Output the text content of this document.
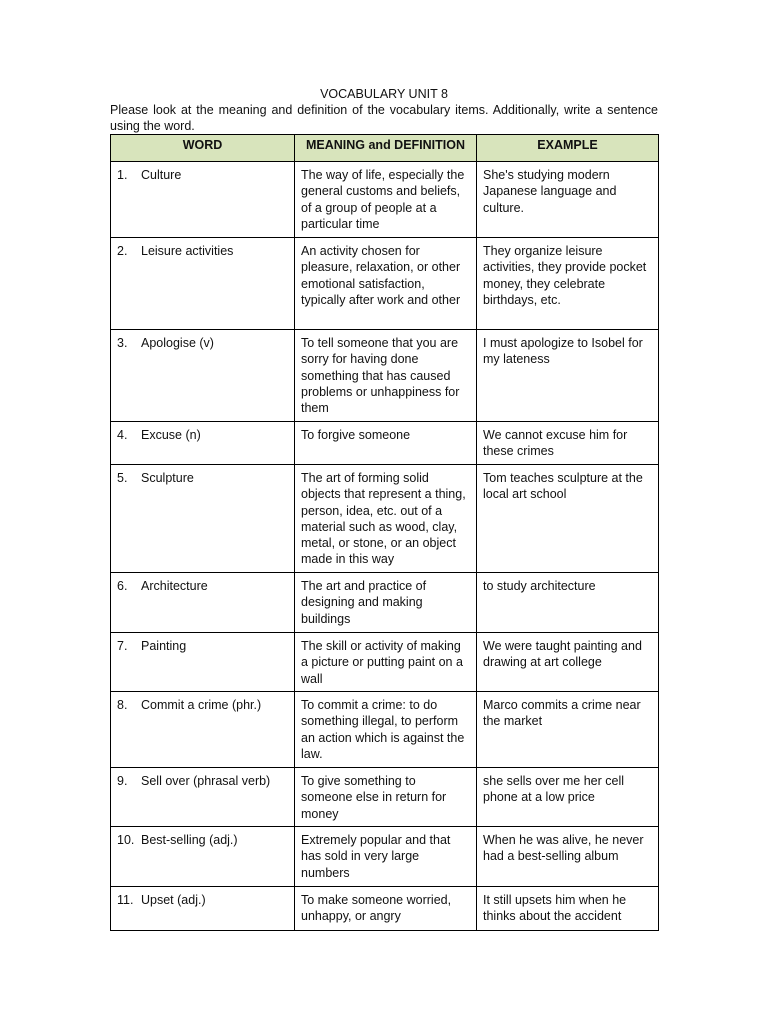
VOCABULARY UNIT 8

Please look at the meaning and definition of the vocabulary items. Additionally, write a sentence using the word.

WORD	MEANING and DEFINITION	EXAMPLE
1. Culture	The way of life, especially the general customs and beliefs, of a group of people at a particular time	She's studying modern Japanese language and culture.
2. Leisure activities	An activity chosen for pleasure, relaxation, or other emotional satisfaction, typically after work and other	They organize leisure activities, they provide pocket money, they celebrate birthdays, etc.
3. Apologise (v)	To tell someone that you are sorry for having done something that has caused problems or unhappiness for them	I must apologize to Isobel for my lateness
4. Excuse (n)	To forgive someone	We cannot excuse him for these crimes
5. Sculpture	The art of forming solid objects that represent a thing, person, idea, etc. out of a material such as wood, clay, metal, or stone, or an object made in this way	Tom teaches sculpture at the local art school
6. Architecture	The art and practice of designing and making buildings	to study architecture
7. Painting	The skill or activity of making a picture or putting paint on a wall	We were taught painting and drawing at art college
8. Commit a crime (phr.)	To commit a crime: to do something illegal, to perform an action which is against the law.	Marco commits a crime near the market
9. Sell over (phrasal verb)	To give something to someone else in return for money	she sells over me her cell phone at a low price
10. Best-selling (adj.)	Extremely popular and that has sold in very large numbers	When he was alive, he never had a best-selling album
11. Upset (adj.)	To make someone worried, unhappy, or angry	It still upsets him when he thinks about the accident
